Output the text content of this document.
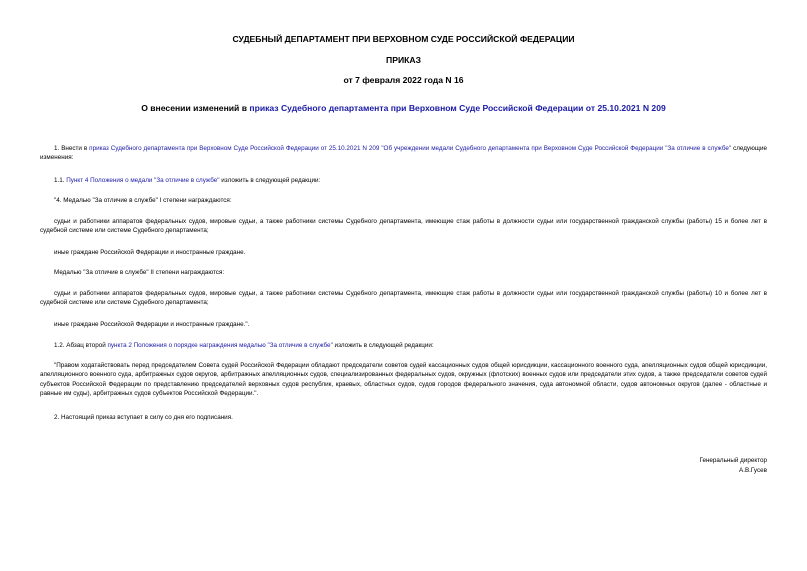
СУДЕБНЫЙ ДЕПАРТАМЕНТ ПРИ ВЕРХОВНОМ СУДЕ РОССИЙСКОЙ ФЕДЕРАЦИИ
ПРИКАЗ
от 7 февраля 2022 года N 16
О внесении изменений в приказ Судебного департамента при Верховном Суде Российской Федерации от 25.10.2021 N 209
1. Внести в приказ Судебного департамента при Верховном Суде Российской Федерации от 25.10.2021 N 209 "Об учреждении медали Судебного департамента при Верховном Суде Российской Федерации "За отличие в службе" следующие изменения:
1.1. Пункт 4 Положения о медали "За отличие в службе" изложить в следующей редакции:
"4. Медалью "За отличие в службе" I степени награждаются:
судьи и работники аппаратов федеральных судов, мировые судьи, а также работники системы Судебного департамента, имеющие стаж работы в должности судьи или государственной гражданской службы (работы) 15 и более лет в судебной системе или системе Судебного департамента;
иные граждане Российской Федерации и иностранные граждане.
Медалью "За отличие в службе" II степени награждаются:
судьи и работники аппаратов федеральных судов, мировые судьи, а также работники системы Судебного департамента, имеющие стаж работы в должности судьи или государственной гражданской службы (работы) 10 и более лет в судебной системе или системе Судебного департамента;
иные граждане Российской Федерации и иностранные граждане.".
1.2. Абзац второй пункта 2 Положения о порядке награждения медалью "За отличие в службе" изложить в следующей редакции:
"Правом ходатайствовать перед председателем Совета судей Российской Федерации обладают председатели советов судей кассационных судов общей юрисдикции, кассационного военного суда, апелляционных судов общей юрисдикции, апелляционного военного суда, арбитражных судов округов, арбитражных апелляционных судов, специализированных федеральных судов, окружных (флотских) военных судов или председатели этих судов, а также председатели советов судей субъектов Российской Федерации по представлению председателей верховных судов республик, краевых, областных судов, судов городов федерального значения, суда автономной области, судов автономных округов (далее - областные и равные им суды), арбитражных судов субъектов Российской Федерации.".
2. Настоящий приказ вступает в силу со дня его подписания.
Генеральный директор
А.В.Гусев
